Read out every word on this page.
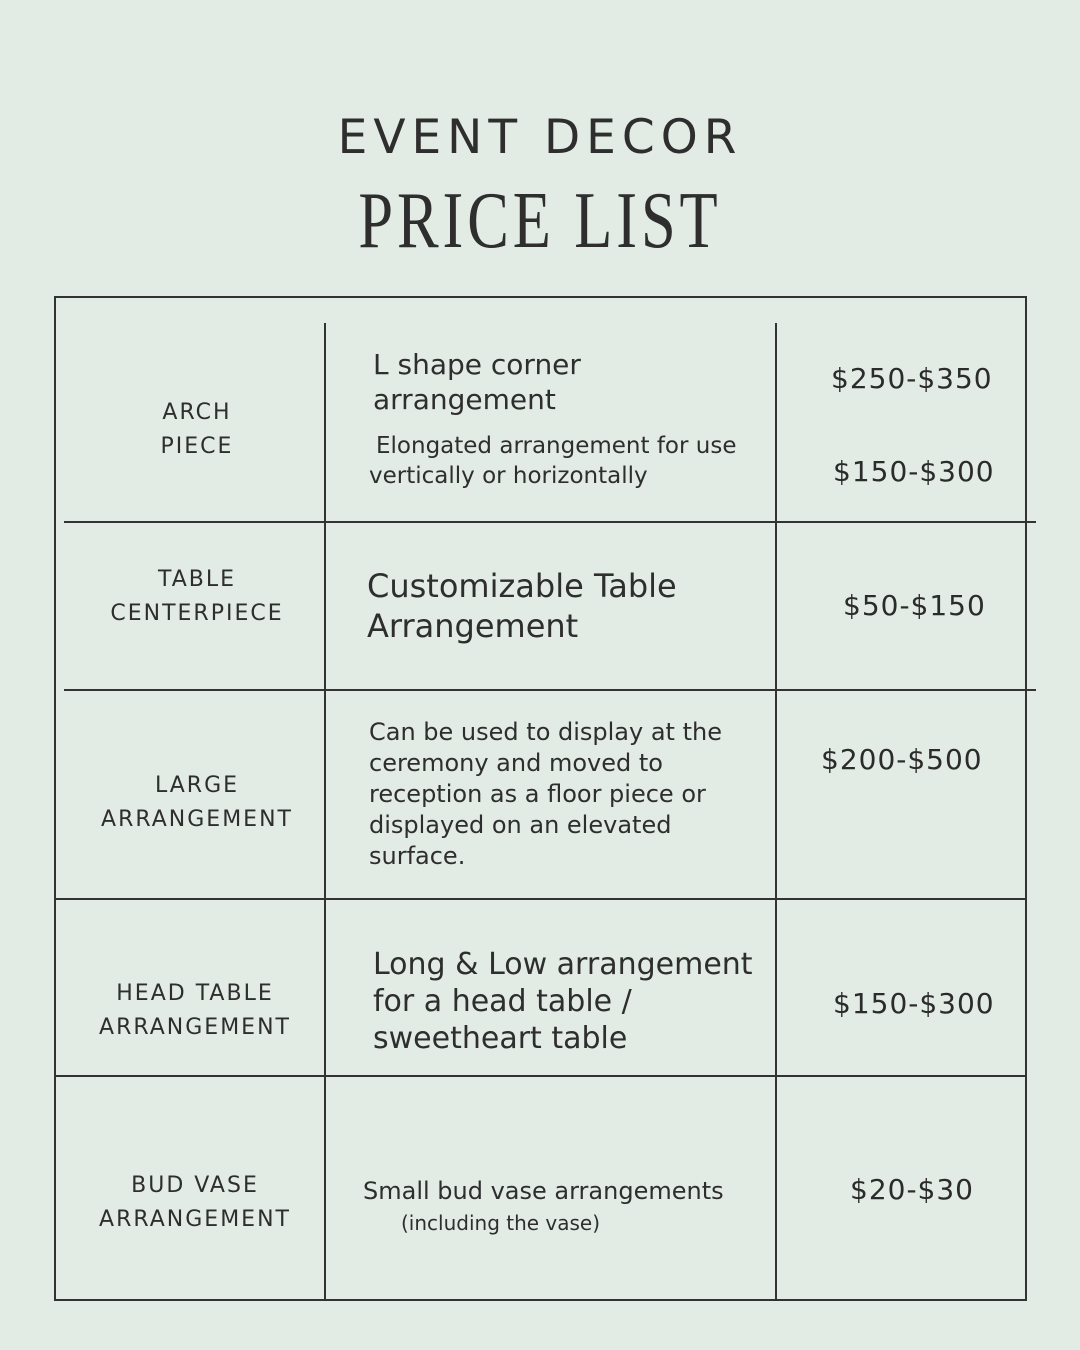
EVENT DECOR
PRICE LIST
ARCH
PIECE
L shape corner arrangement
Elongated arrangement for use vertically or horizontally
$250-$350
$150-$300
TABLE
CENTERPIECE
Customizable Table Arrangement
$50-$150
LARGE
ARRANGEMENT
Can be used to display at the ceremony and moved to reception as a floor piece or displayed on an elevated surface.
$200-$500
HEAD TABLE
ARRANGEMENT
Long & Low arrangement for a head table / sweetheart table
$150-$300
BUD VASE
ARRANGEMENT
Small bud vase arrangements
(including the vase)
$20-$30
